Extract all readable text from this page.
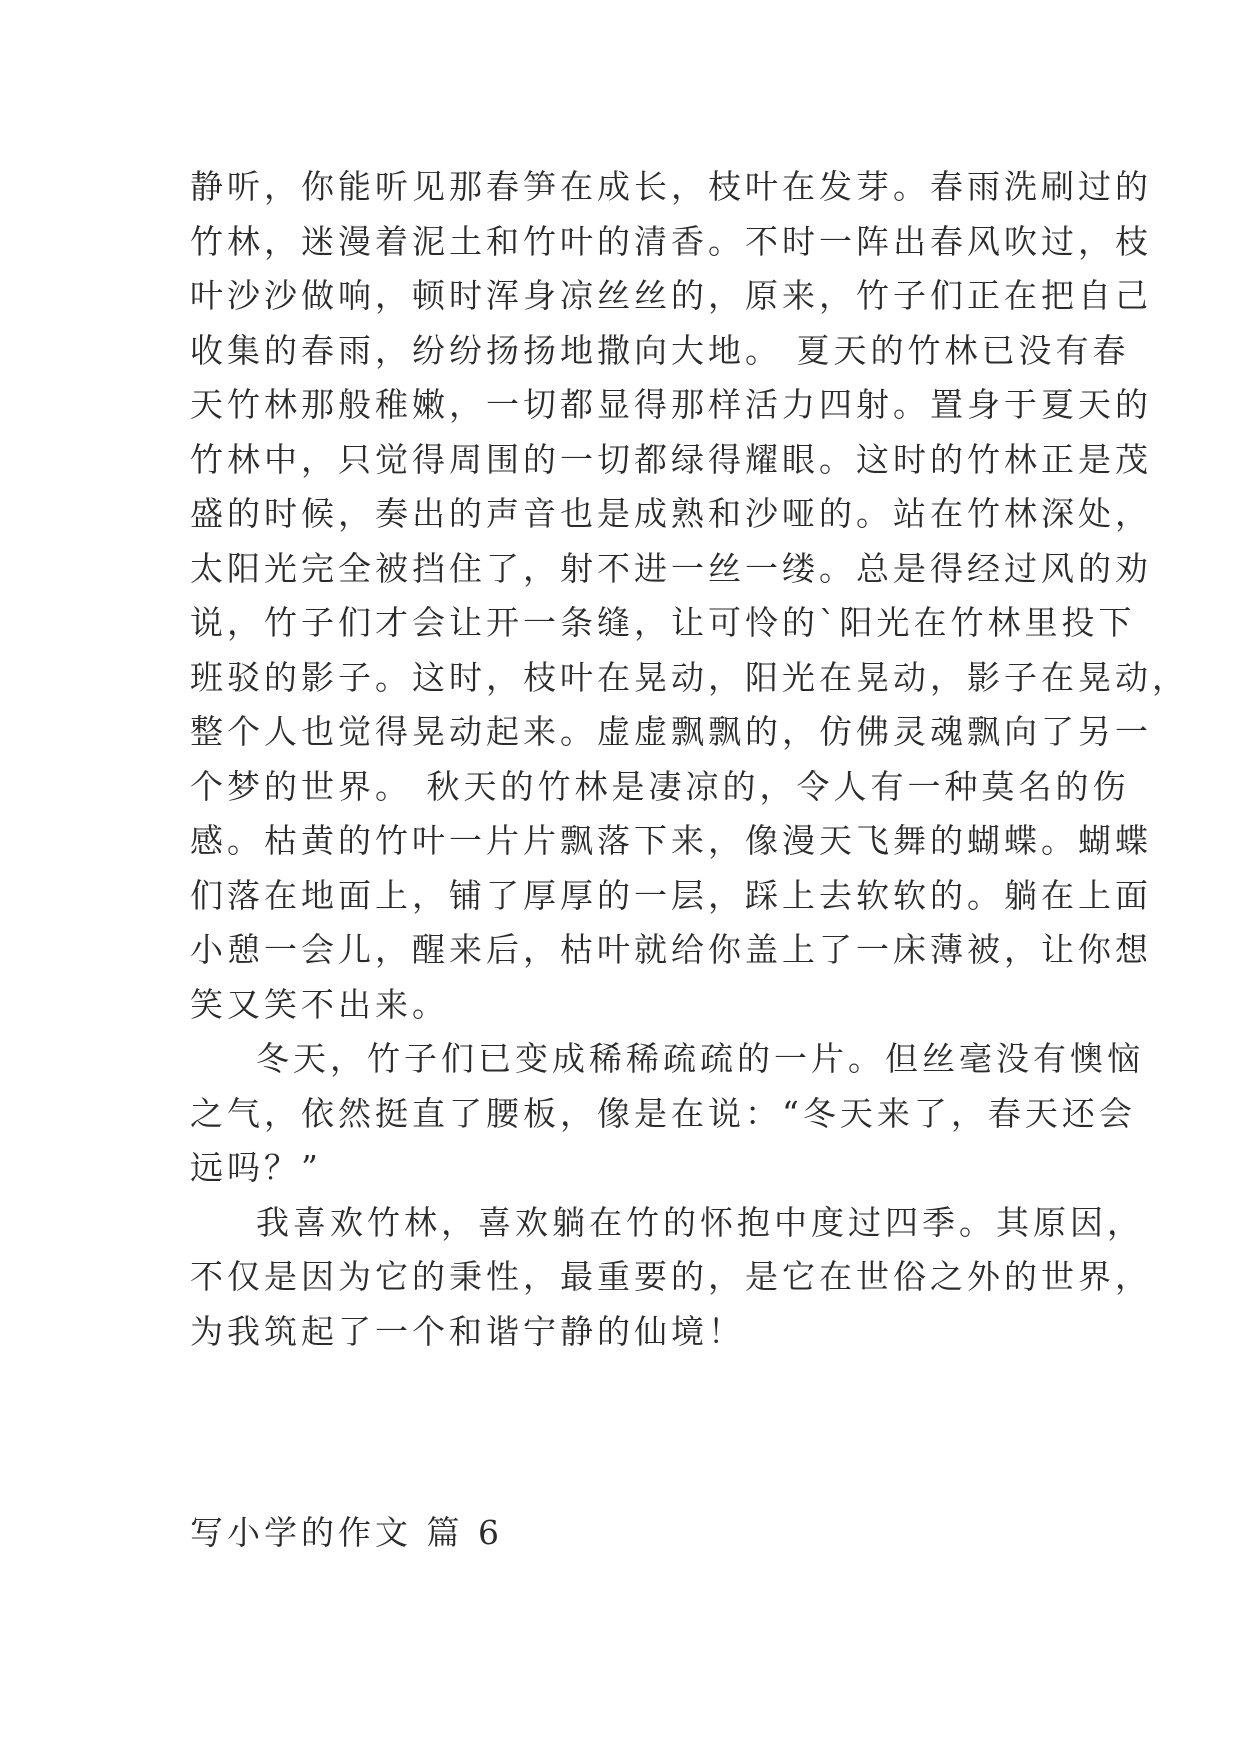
静听，你能听见那春笋在成长，枝叶在发芽。春雨洗刷过的
竹林，迷漫着泥土和竹叶的清香。不时一阵出春风吹过，枝
叶沙沙做响，顿时浑身凉丝丝的，原来，竹子们正在把自己
收集的春雨，纷纷扬扬地撒向大地。 夏天的竹林已没有春
天竹林那般稚嫩，一切都显得那样活力四射。置身于夏天的
竹林中，只觉得周围的一切都绿得耀眼。这时的竹林正是茂
盛的时候，奏出的声音也是成熟和沙哑的。站在竹林深处，
太阳光完全被挡住了，射不进一丝一缕。总是得经过风的劝
说，竹子们才会让开一条缝，让可怜的`阳光在竹林里投下
班驳的影子。这时，枝叶在晃动，阳光在晃动，影子在晃动，
整个人也觉得晃动起来。虚虚飘飘的，仿佛灵魂飘向了另一
个梦的世界。 秋天的竹林是凄凉的，令人有一种莫名的伤
感。枯黄的竹叶一片片飘落下来，像漫天飞舞的蝴蝶。蝴蝶
们落在地面上，铺了厚厚的一层，踩上去软软的。躺在上面
小憩一会儿，醒来后，枯叶就给你盖上了一床薄被，让你想
笑又笑不出来。
冬天，竹子们已变成稀稀疏疏的一片。但丝毫没有懊恼
之气，依然挺直了腰板，像是在说：“冬天来了，春天还会
远吗？”
我喜欢竹林，喜欢躺在竹的怀抱中度过四季。其原因，
不仅是因为它的秉性，最重要的，是它在世俗之外的世界，
为我筑起了一个和谐宁静的仙境！
写小学的作文 篇 6
